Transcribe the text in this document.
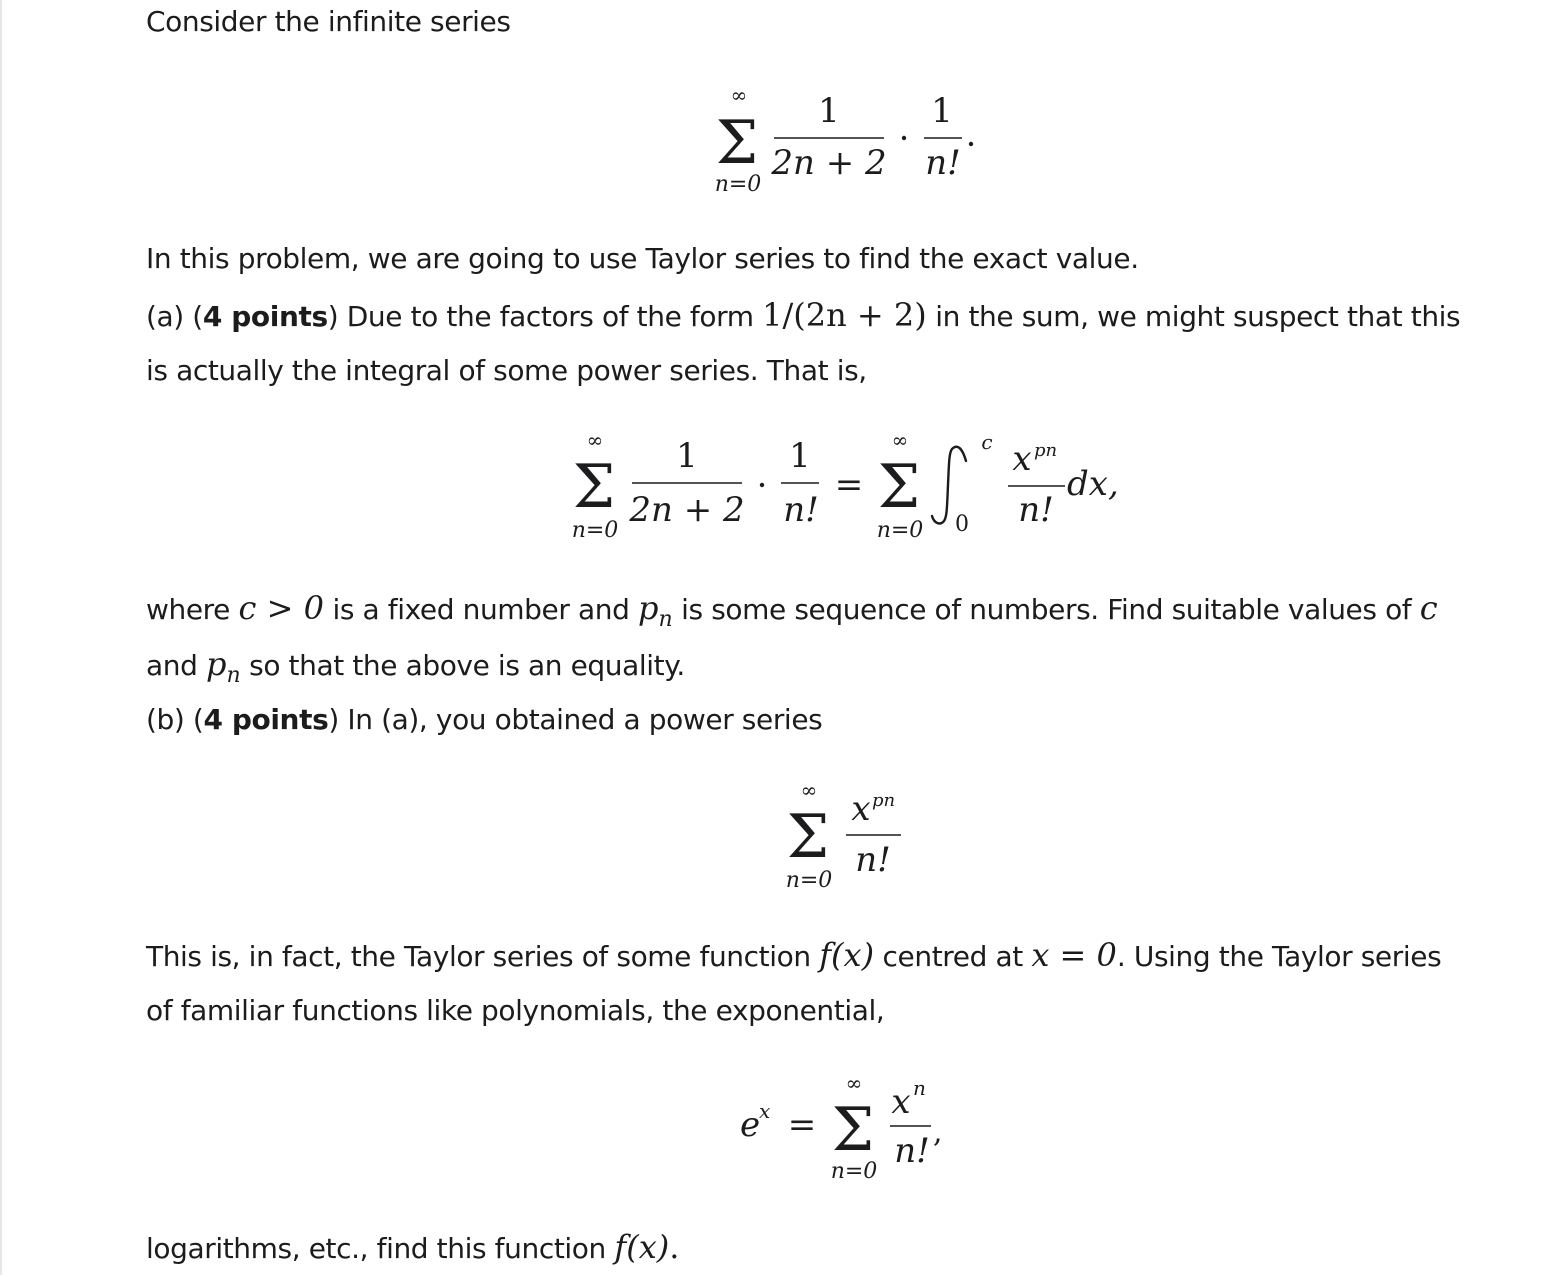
Consider the infinite series
∞
Σ
n=0
1
2n + 2
1
n!
In this problem, we are going to use Taylor series to find the exact value.
(a) (4 points) Due to the factors of the form 1/(2n + 2) in the sum, we might suspect that this
is actually the integral of some power series. That is,
∞
Σ
n=0
1
2n + 2
1
n!
=
∞
Σ
n=0
c
0
x pn
n!
dx,
where c > 0 is a fixed number and $p_n$ is some sequence of numbers. Find suitable values of c
and $p_n$ so that the above is an equality.
(b) (4 points) In (a), you obtained a power series
∞
Σ
n=0
x pn
n!
This is, in fact, the Taylor series of some function f(x) centred at x = 0. Using the Taylor series
of familiar functions like polynomials, the exponential,
e
x =
∞
Σ
n=0
x n
n! ,
logarithms, etc., find this function f(x).
